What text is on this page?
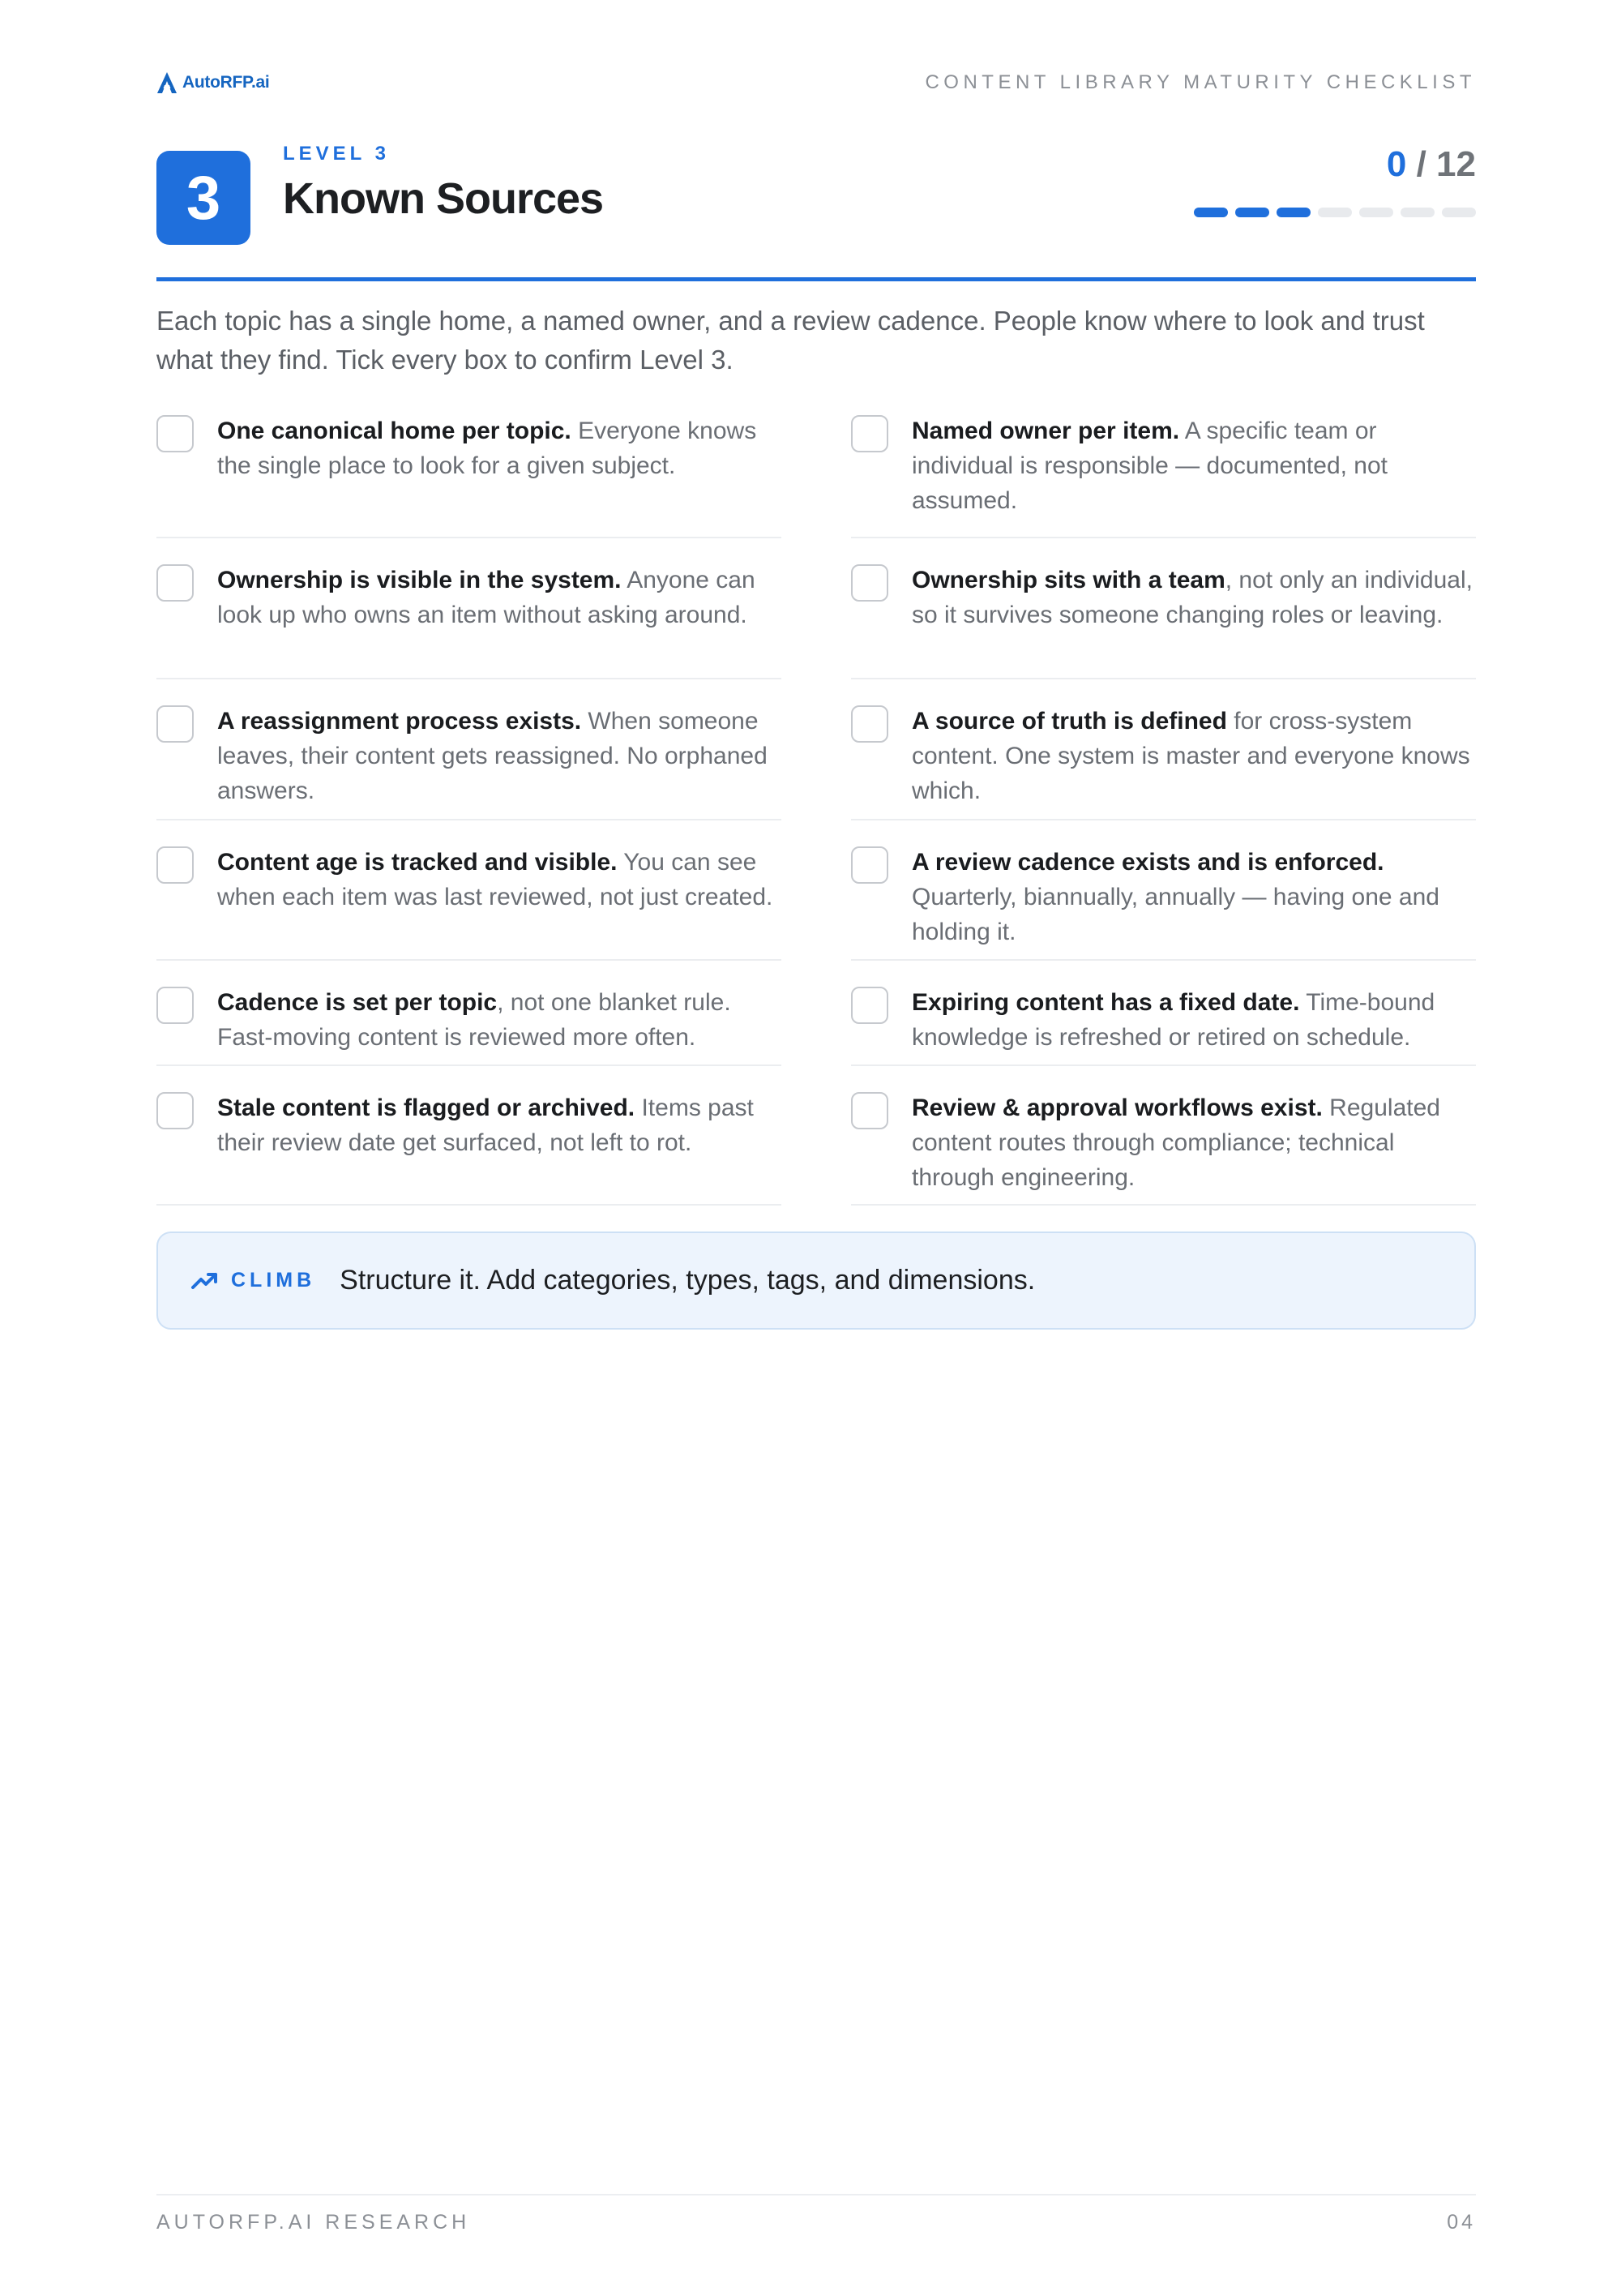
AutoRFP.ai	CONTENT LIBRARY MATURITY CHECKLIST
3
LEVEL 3
Known Sources
0 / 12

Each topic has a single home, a named owner, and a review cadence. People know where to look and trust what they find. Tick every box to confirm Level 3.

One canonical home per topic. Everyone knows the single place to look for a given subject.

Named owner per item. A specific team or individual is responsible — documented, not assumed.

Ownership is visible in the system. Anyone can look up who owns an item without asking around.

Ownership sits with a team, not only an individual, so it survives someone changing roles or leaving.

A reassignment process exists. When someone leaves, their content gets reassigned. No orphaned answers.

A source of truth is defined for cross-system content. One system is master and everyone knows which.

Content age is tracked and visible. You can see when each item was last reviewed, not just created.

A review cadence exists and is enforced. Quarterly, biannually, annually — having one and holding it.

Cadence is set per topic, not one blanket rule. Fast-moving content is reviewed more often.

Expiring content has a fixed date. Time-bound knowledge is refreshed or retired on schedule.

Stale content is flagged or archived. Items past their review date get surfaced, not left to rot.

Review & approval workflows exist. Regulated content routes through compliance; technical through engineering.

CLIMB Structure it. Add categories, types, tags, and dimensions.
AUTORFP.AI RESEARCH	04
